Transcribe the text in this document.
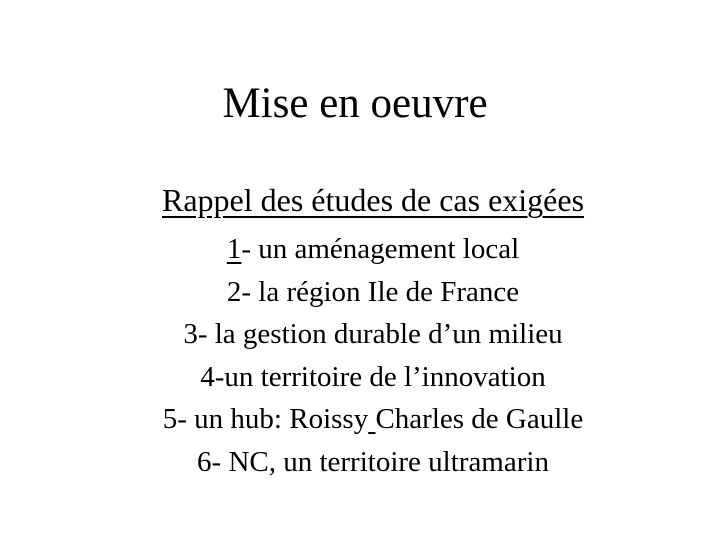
Mise en oeuvre
Rappel des études de cas exigées
1- un aménagement local
2- la région Ile de France
3- la gestion durable d’un milieu
4-un territoire de l’innovation
5- un hub: Roissy Charles de Gaulle
6- NC, un territoire ultramarin
